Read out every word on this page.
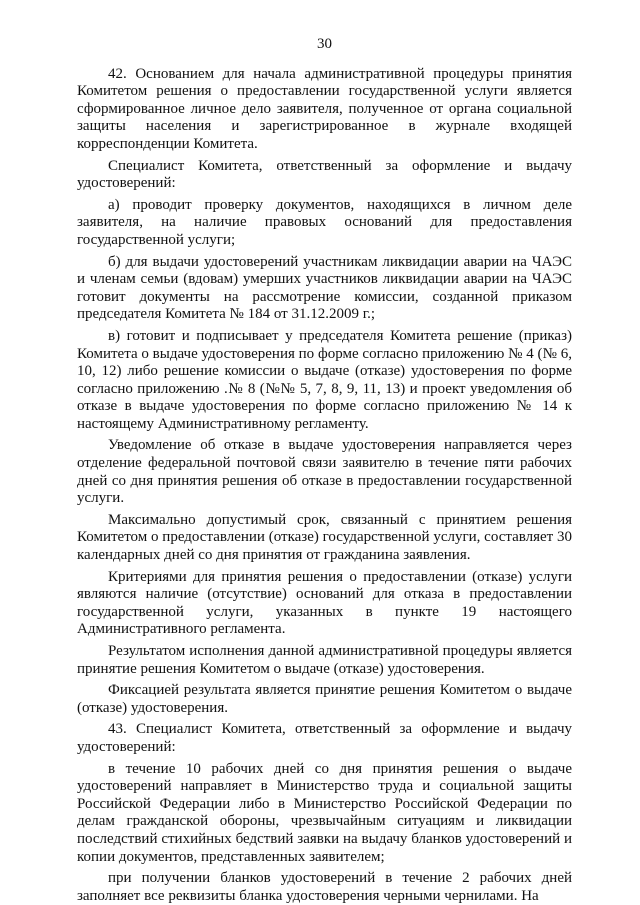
30

42. Основанием для начала административной процедуры принятия Комитетом решения о предоставлении государственной услуги является сформированное личное дело заявителя, полученное от органа социальной защиты населения и зарегистрированное в журнале входящей корреспонденции Комитета.

Специалист Комитета, ответственный за оформление и выдачу удостоверений:

а) проводит проверку документов, находящихся в личном деле заявителя, на наличие правовых оснований для предоставления государственной услуги;

б) для выдачи удостоверений участникам ликвидации аварии на ЧАЭС и членам семьи (вдовам) умерших участников ликвидации аварии на ЧАЭС готовит документы на рассмотрение комиссии, созданной приказом председателя Комитета № 184 от 31.12.2009 г.;

в) готовит и подписывает у председателя Комитета решение (приказ) Комитета о выдаче удостоверения по форме согласно приложению № 4 (№ 6, 10, 12) либо решение комиссии о выдаче (отказе) удостоверения по форме согласно приложению .№ 8 (№№ 5, 7, 8, 9, 11, 13) и проект уведомления об отказе в выдаче удостоверения по форме согласно приложению № 14 к настоящему Административному регламенту.

Уведомление об отказе в выдаче удостоверения направляется через отделение федеральной почтовой связи заявителю в течение пяти рабочих дней со дня принятия решения об отказе в предоставлении государственной услуги.

Максимально допустимый срок, связанный с принятием решения Комитетом о предоставлении (отказе) государственной услуги, составляет 30 календарных дней со дня принятия от гражданина заявления.

Критериями для принятия решения о предоставлении (отказе) услуги являются наличие (отсутствие) оснований для отказа в предоставлении государственной услуги, указанных в пункте 19 настоящего Административного регламента.

Результатом исполнения данной административной процедуры является принятие решения Комитетом о выдаче (отказе) удостоверения.

Фиксацией результата является принятие решения Комитетом о выдаче (отказе) удостоверения.

43. Специалист Комитета, ответственный за оформление и выдачу удостоверений:

в течение 10 рабочих дней со дня принятия решения о выдаче удостоверений направляет в Министерство труда и социальной защиты Российской Федерации либо в Министерство Российской Федерации по делам гражданской обороны, чрезвычайным ситуациям и ликвидации последствий стихийных бедствий заявки на выдачу бланков удостоверений и копии документов, представленных заявителем;

при получении бланков удостоверений в течение 2 рабочих дней заполняет все реквизиты бланка удостоверения черными чернилами. На
